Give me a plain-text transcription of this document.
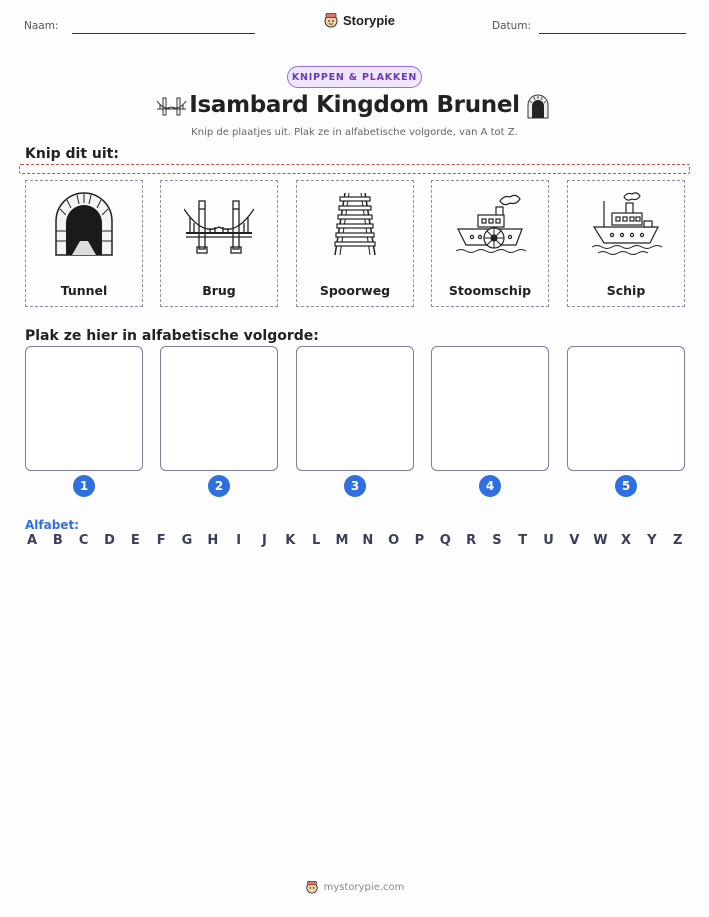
Naam:	Storypie	Datum:
KNIPPEN & PLAKKEN
Isambard Kingdom Brunel
Knip de plaatjes uit. Plak ze in alfabetische volgorde, van A tot Z.
Knip dit uit:
Tunnel	Brug	Spoorweg	Stoomschip	Schip
Plak ze hier in alfabetische volgorde:
1	2	3	4	5
Alfabet:
A B C D E F G H	I	J	K L M N O P Q R S T U V W X Y Z
mystorypie.com
